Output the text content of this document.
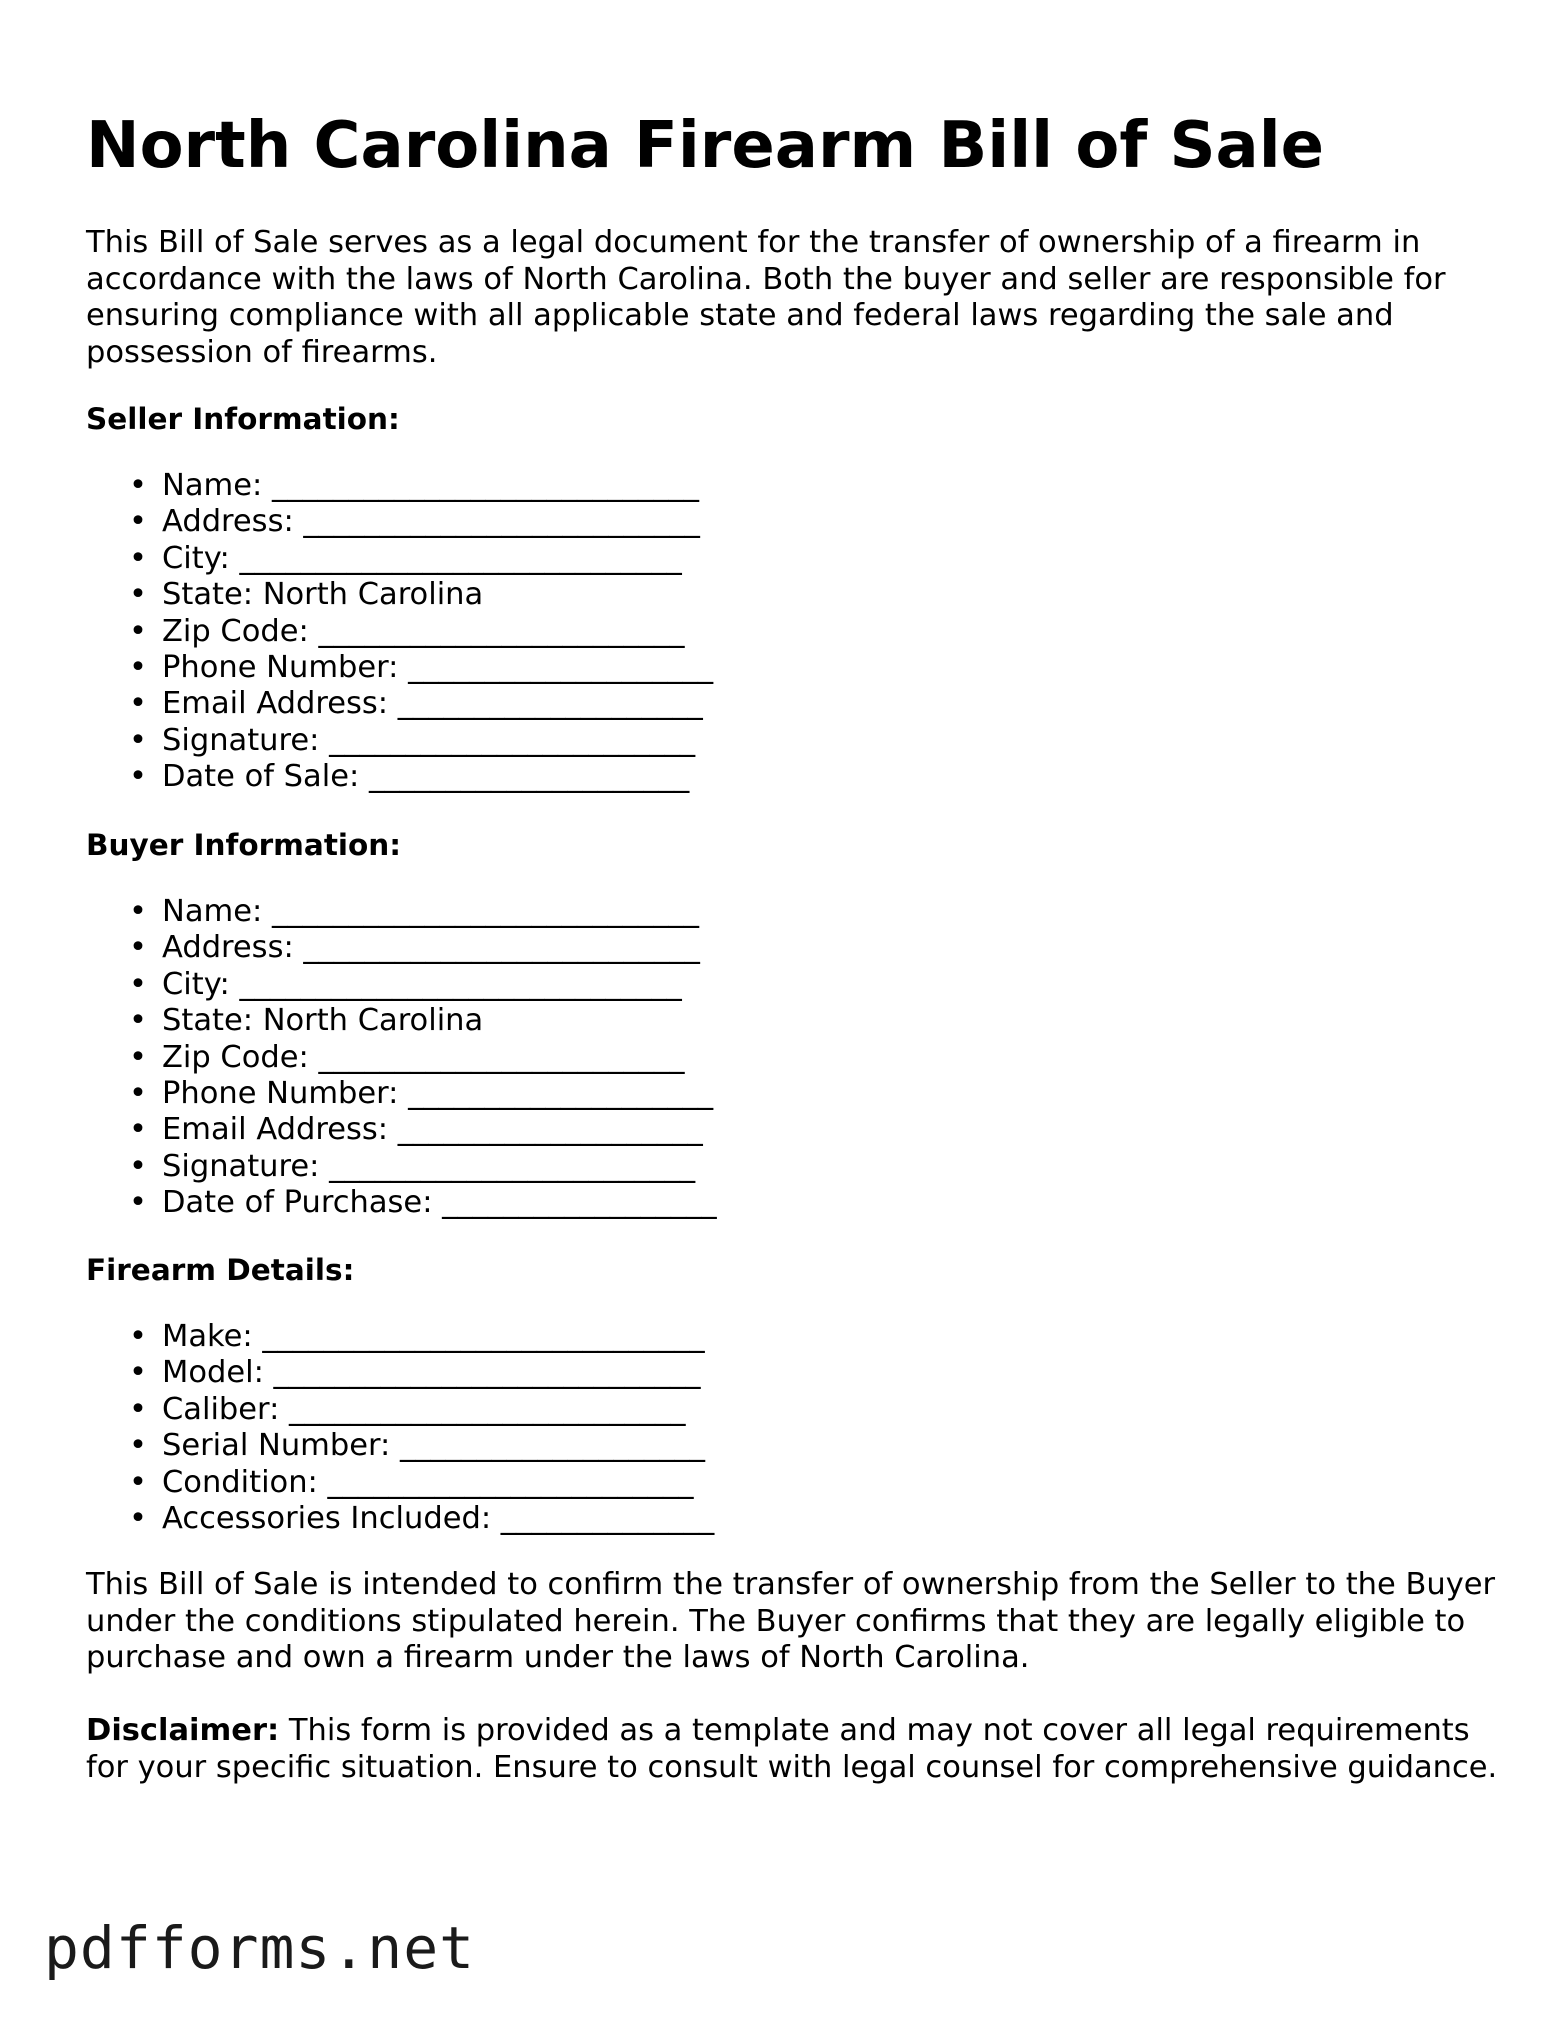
North Carolina Firearm Bill of Sale

This Bill of Sale serves as a legal document for the transfer of ownership of a firearm in accordance with the laws of North Carolina. Both the buyer and seller are responsible for ensuring compliance with all applicable state and federal laws regarding the sale and possession of firearms.

Seller Information:
• Name: ____________________________
• Address: __________________________
• City: _____________________________
• State: North Carolina
• Zip Code: ________________________
• Phone Number: ____________________
• Email Address: ____________________
• Signature: ________________________
• Date of Sale: _____________________
Buyer Information:
• Name: ____________________________
• Address: __________________________
• City: _____________________________
• State: North Carolina
• Zip Code: ________________________
• Phone Number: ____________________
• Email Address: ____________________
• Signature: ________________________
• Date of Purchase: __________________
Firearm Details:
• Make: _____________________________
• Model: ____________________________
• Caliber: __________________________
• Serial Number: ____________________
• Condition: ________________________
• Accessories Included: ______________

This Bill of Sale is intended to confirm the transfer of ownership from the Seller to the Buyer under the conditions stipulated herein. The Buyer confirms that they are legally eligible to purchase and own a firearm under the laws of North Carolina.

Disclaimer: This form is provided as a template and may not cover all legal requirements for your specific situation. Ensure to consult with legal counsel for comprehensive guidance.

pdfforms.net
